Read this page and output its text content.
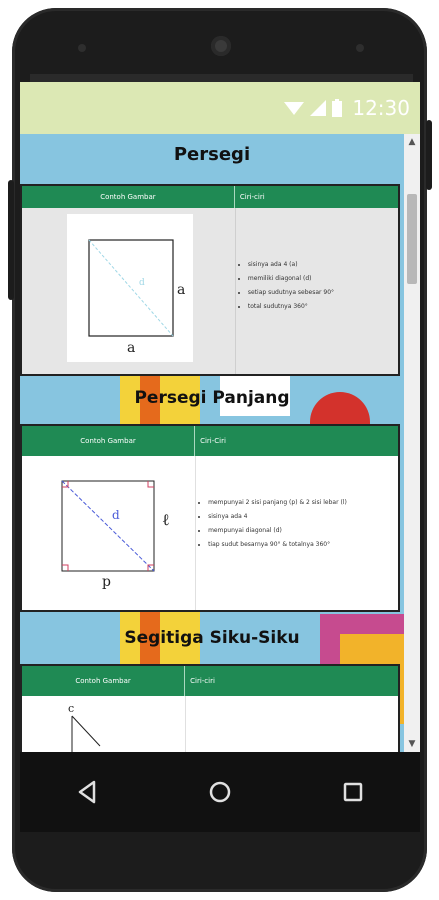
12:30
Persegi
Contoh Gambar	Ciri-ciri
d a
a
• sisinya ada 4 (a)
• memiliki diagonal (d)
• setiap sudutnya sebesar 90°
• total sudutnya 360°
Persegi Panjang
Contoh Gambar	Ciri-Ciri
d	ℓ
p
• mempunyai 2 sisi panjang (p) & 2 sisi lebar (l)
• sisinya ada 4
• mempunyai diagonal (d)
• tiap sudut besarnya 90° & totalnya 360°
Segitiga Siku-Siku
Contoh Gambar	Ciri-ciri
c
▲
▼
